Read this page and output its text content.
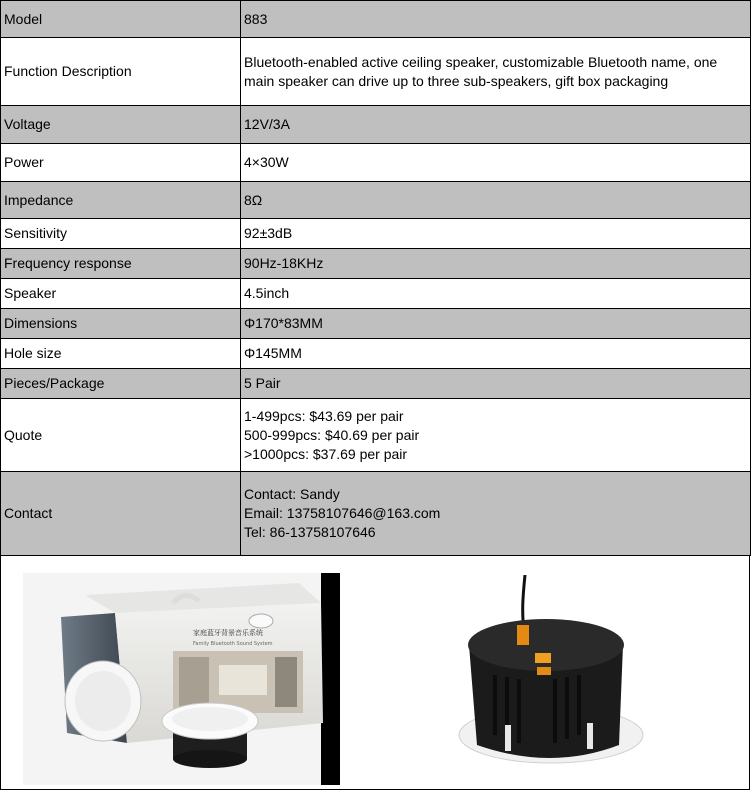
Model	883
Function Description	Bluetooth-enabled active ceiling speaker, customizable Bluetooth name, one main speaker can drive up to three sub-speakers, gift box packaging
Voltage	12V/3A
Power	4×30W
Impedance	8Ω
Sensitivity	92±3dB
Frequency response	90Hz-18KHz
Speaker	4.5inch
Dimensions	Φ170*83MM
Hole size	Φ145MM
Pieces/Package	5 Pair
Quote	1-499pcs: $43.69 per pair
500-999pcs: $40.69 per pair
>1000pcs: $37.69 per pair

Contact	Contact: Sandy
Email: 13758107646@163.com
Tel: 86-13758107646
家庭蓝牙背景音乐系统
Family Bluetooth Sound System
